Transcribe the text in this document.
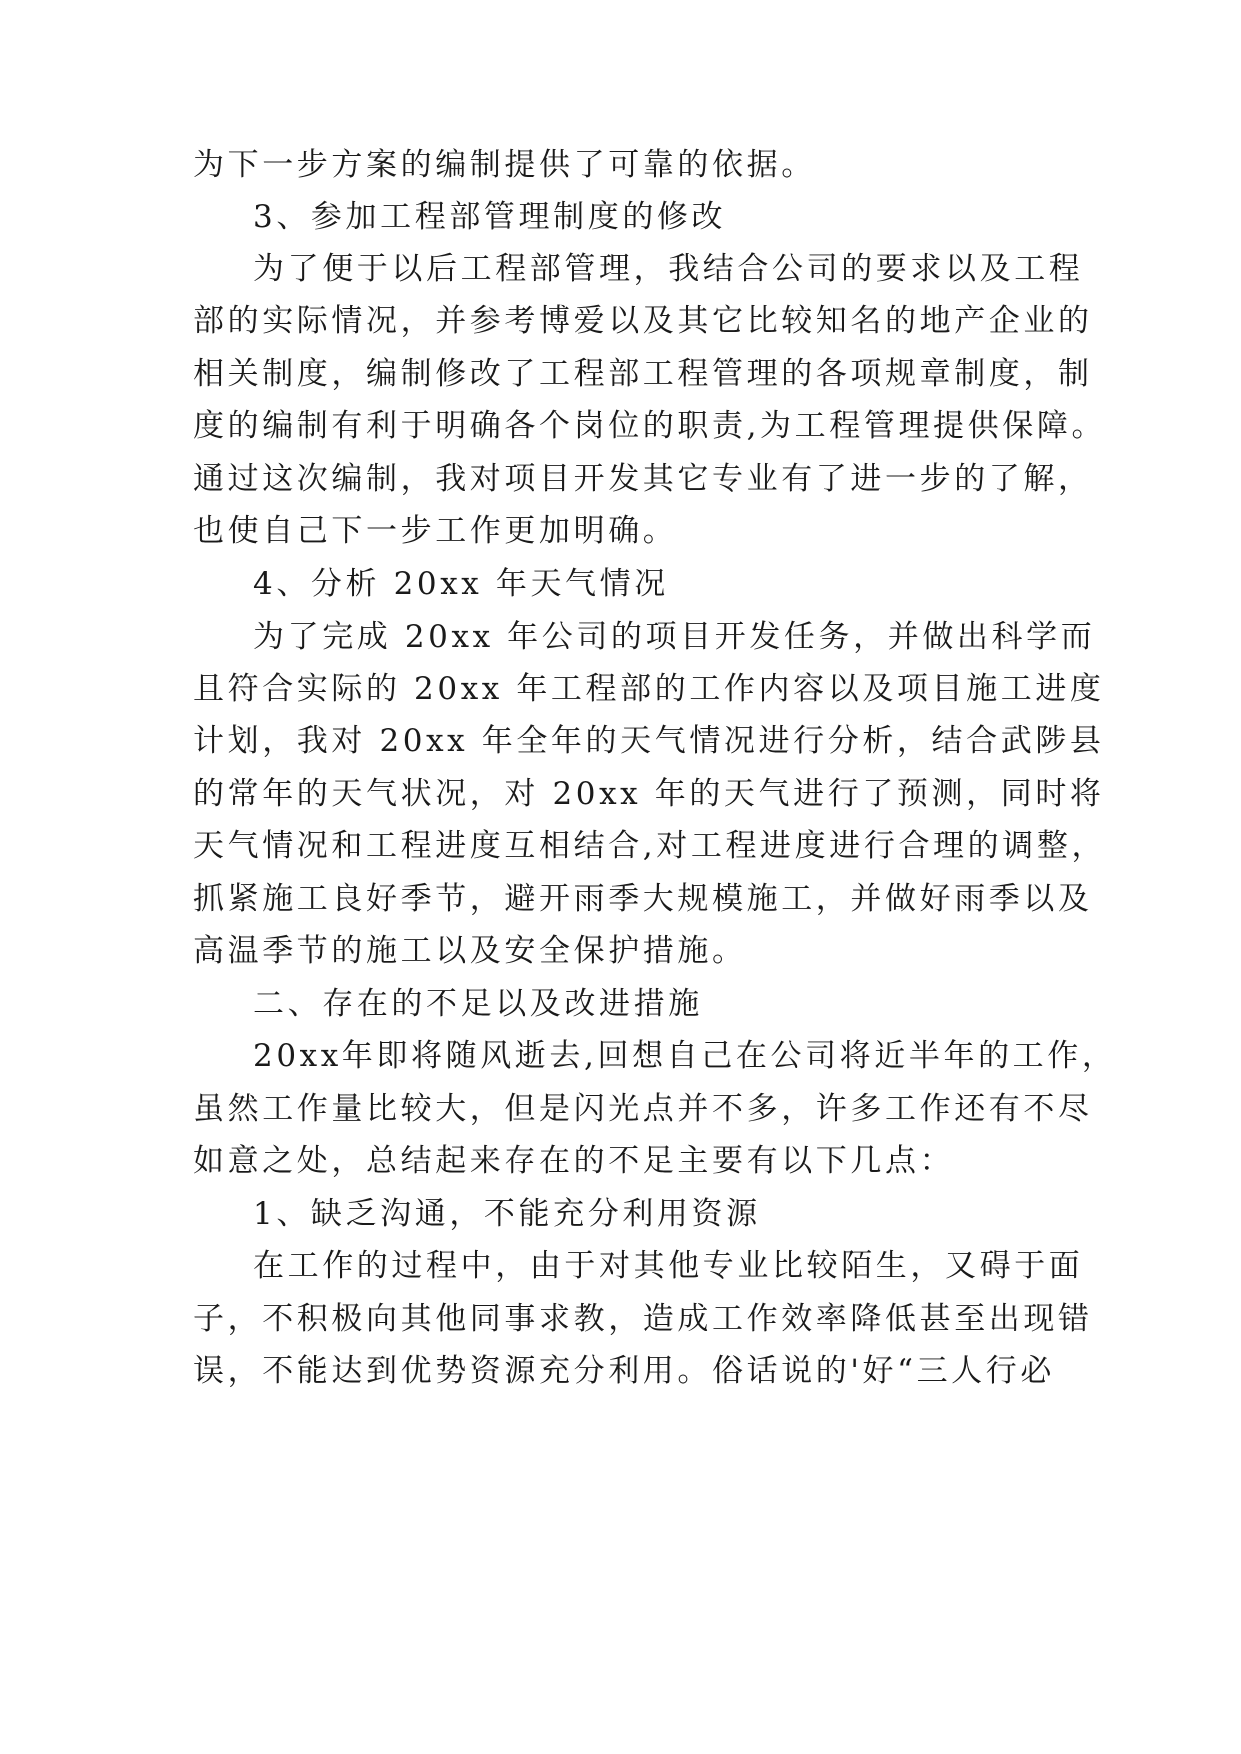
为下一步方案的编制提供了可靠的依据。
3、参加工程部管理制度的修改
为了便于以后工程部管理，我结合公司的要求以及工程
部的实际情况，并参考博爱以及其它比较知名的地产企业的
相关制度，编制修改了工程部工程管理的各项规章制度，制
度的编制有利于明确各个岗位的职责,为工程管理提供保障。
通过这次编制，我对项目开发其它专业有了进一步的了解，
也使自己下一步工作更加明确。
4、分析 20xx 年天气情况
为了完成 20xx 年公司的项目开发任务，并做出科学而
且符合实际的 20xx 年工程部的工作内容以及项目施工进度
计划，我对 20xx 年全年的天气情况进行分析，结合武陟县
的常年的天气状况，对 20xx 年的天气进行了预测，同时将
天气情况和工程进度互相结合,对工程进度进行合理的调整，
抓紧施工良好季节，避开雨季大规模施工，并做好雨季以及
高温季节的施工以及安全保护措施。
二、存在的不足以及改进措施
20xx年即将随风逝去,回想自己在公司将近半年的工作，
虽然工作量比较大，但是闪光点并不多，许多工作还有不尽
如意之处，总结起来存在的不足主要有以下几点：
1、缺乏沟通，不能充分利用资源
在工作的过程中，由于对其他专业比较陌生，又碍于面
子，不积极向其他同事求教，造成工作效率降低甚至出现错
误，不能达到优势资源充分利用。俗话说的'好“三人行必
